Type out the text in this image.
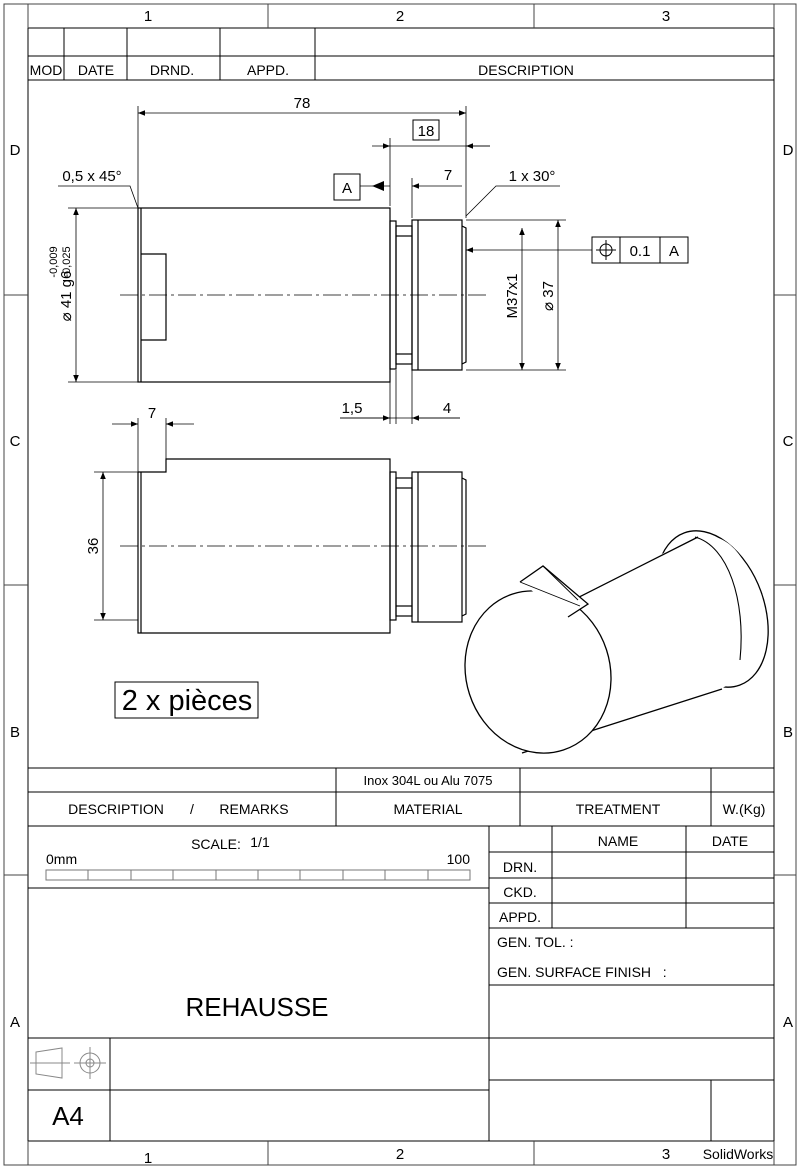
1	2	3
1	2	3
D
C
B
A
D
C
B
A
MOD DATE	DRND.	APPD.	DESCRIPTION
78
18
7
A
0,5 x 45°	1 x 30°
1,5	4
⌀ 41 g6
-0,009 -0,025
M37x1 ⌀ 37
0.1 A
7
36
2 x pièces
Inox 304L ou Alu 7075
DESCRIPTION / REMARKS	MATERIAL	TREATMENT	W.(Kg)
SCALE: 1/1
0mm	100
NAME	DATE
DRN.
CKD.
APPD.
GEN. TOL. :
GEN. SURFACE FINISH   :
REHAUSSE
A4
SolidWorks
